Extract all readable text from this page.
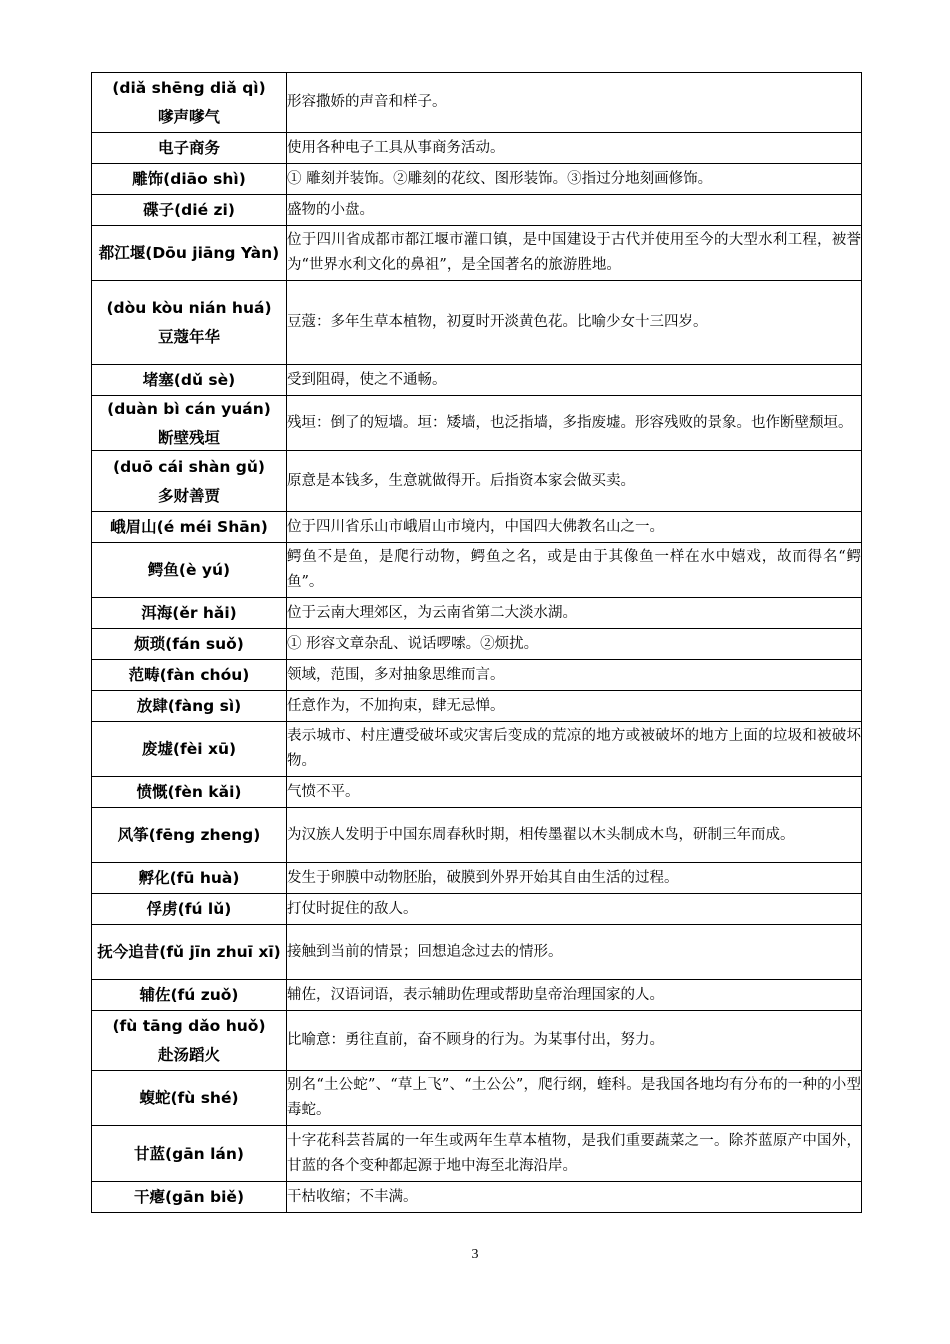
(diǎ shēng diǎ qì)
嗲声嗲气	形容撒娇的声音和样子。

电子商务	使用各种电子工具从事商务活动。

雕饰(diāo shì)	① 雕刻并装饰。②雕刻的花纹、图形装饰。③指过分地刻画修饰。

碟子(dié zi)	盛物的小盘。

都江堰(Dōu jiāng Yàn)	位于四川省成都市都江堰市灌口镇，是中国建设于古代并使用至今的大型水利工程，被誉为“世界水利文化的鼻祖”，是全国著名的旅游胜地。

(dòu kòu nián huá)
豆蔻年华	豆蔻：多年生草本植物，初夏时开淡黄色花。比喻少女十三四岁。

堵塞(dǔ sè)	受到阻碍，使之不通畅。

(duàn bì cán yuán)
断壁残垣	残垣：倒了的短墙。垣：矮墙，也泛指墙，多指废墟。形容残败的景象。也作断壁颓垣。

(duō cái shàn gǔ)
多财善贾	原意是本钱多，生意就做得开。后指资本家会做买卖。

峨眉山(é méi Shān)	位于四川省乐山市峨眉山市境内，中国四大佛教名山之一。

鳄鱼(è yú)	鳄鱼不是鱼，是爬行动物，鳄鱼之名，或是由于其像鱼一样在水中嬉戏，故而得名“鳄鱼”。

洱海(ěr hǎi)	位于云南大理郊区，为云南省第二大淡水湖。

烦琐(fán suǒ)	① 形容文章杂乱、说话啰嗦。②烦扰。

范畴(fàn chóu)	领域，范围，多对抽象思维而言。

放肆(fàng sì)	任意作为，不加拘束，肆无忌惮。

废墟(fèi xū)	表示城市、村庄遭受破坏或灾害后变成的荒凉的地方或被破坏的地方上面的垃圾和被破坏物。

愤慨(fèn kǎi)	气愤不平。

风筝(fēng zheng)	为汉族人发明于中国东周春秋时期，相传墨翟以木头制成木鸟，研制三年而成。

孵化(fū huà)	发生于卵膜中动物胚胎，破膜到外界开始其自由生活的过程。

俘虏(fú lǔ)	打仗时捉住的敌人。

抚今追昔(fǔ jīn zhuī xī)	接触到当前的情景；回想追念过去的情形。

辅佐(fú zuǒ)	辅佐，汉语词语，表示辅助佐理或帮助皇帝治理国家的人。

(fù tāng dǎo huǒ)
赴汤蹈火	比喻意：勇往直前，奋不顾身的行为。为某事付出，努力。

蝮蛇(fù shé)	别名“土公蛇”、“草上飞”、“土公公”，爬行纲，蝰科。是我国各地均有分布的一种的小型毒蛇。

甘蓝(gān lán)	十字花科芸苔属的一年生或两年生草本植物，是我们重要蔬菜之一。除芥蓝原产中国外，甘蓝的各个变种都起源于地中海至北海沿岸。

干瘪(gān biě)	干枯收缩；不丰满。
3
